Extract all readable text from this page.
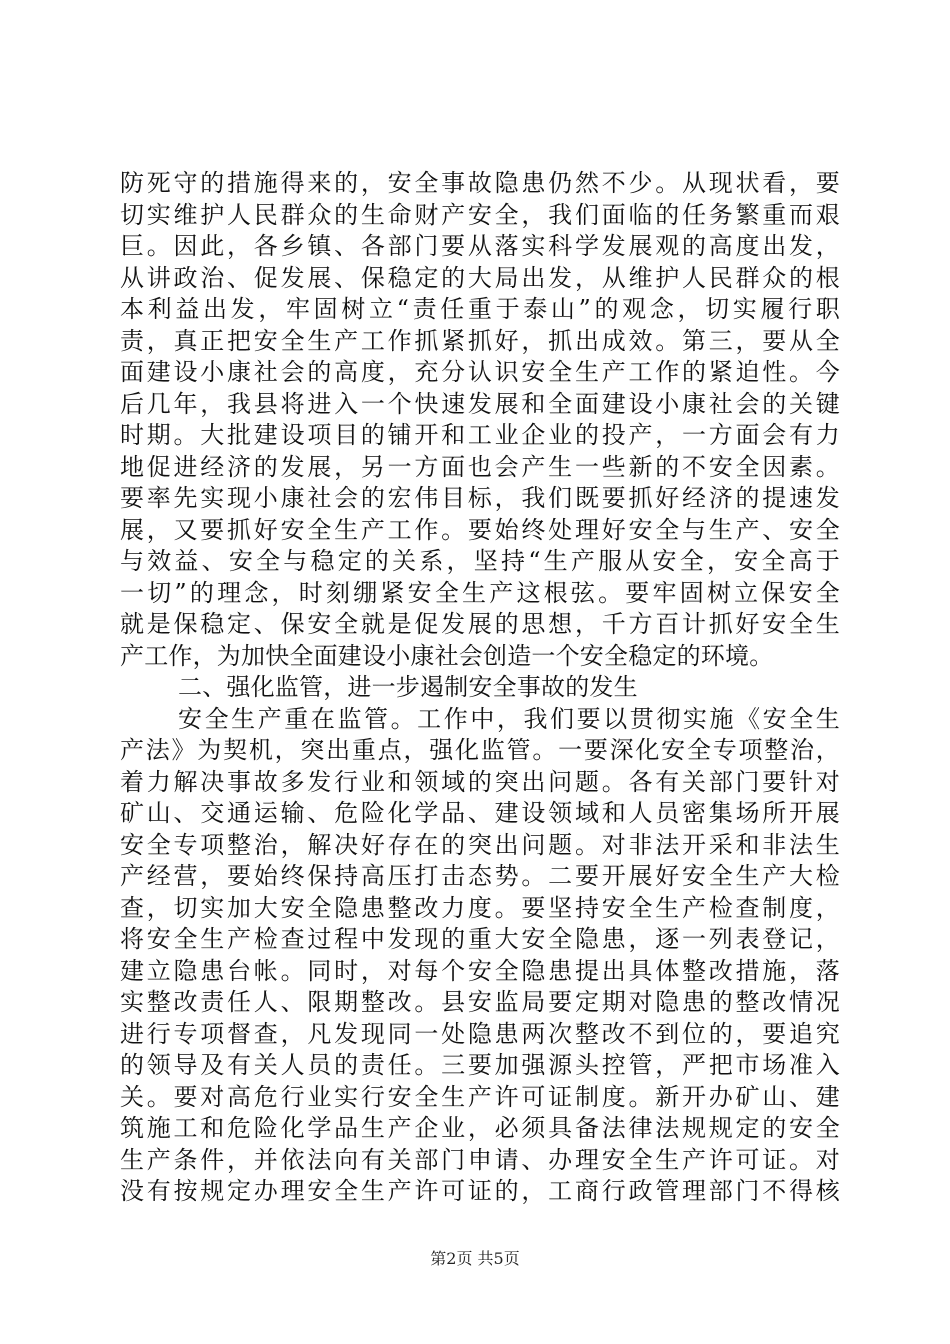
防死守的措施得来的，安全事故隐患仍然不少。从现状看，要
切实维护人民群众的生命财产安全，我们面临的任务繁重而艰
巨。因此，各乡镇、各部门要从落实科学发展观的高度出发，
从讲政治、促发展、保稳定的大局出发，从维护人民群众的根
本利益出发，牢固树立“责任重于泰山”的观念，切实履行职
责，真正把安全生产工作抓紧抓好，抓出成效。第三，要从全
面建设小康社会的高度，充分认识安全生产工作的紧迫性。今
后几年，我县将进入一个快速发展和全面建设小康社会的关键
时期。大批建设项目的铺开和工业企业的投产，一方面会有力
地促进经济的发展，另一方面也会产生一些新的不安全因素。
要率先实现小康社会的宏伟目标，我们既要抓好经济的提速发
展，又要抓好安全生产工作。要始终处理好安全与生产、安全
与效益、安全与稳定的关系，坚持“生产服从安全，安全高于
一切”的理念，时刻绷紧安全生产这根弦。要牢固树立保安全
就是保稳定、保安全就是促发展的思想，千方百计抓好安全生
产工作，为加快全面建设小康社会创造一个安全稳定的环境。
二、强化监管，进一步遏制安全事故的发生
安全生产重在监管。工作中，我们要以贯彻实施《安全生
产法》为契机，突出重点，强化监管。一要深化安全专项整治，
着力解决事故多发行业和领域的突出问题。各有关部门要针对
矿山、交通运输、危险化学品、建设领域和人员密集场所开展
安全专项整治，解决好存在的突出问题。对非法开采和非法生
产经营，要始终保持高压打击态势。二要开展好安全生产大检
查，切实加大安全隐患整改力度。要坚持安全生产检查制度，
将安全生产检查过程中发现的重大安全隐患，逐一列表登记，
建立隐患台帐。同时，对每个安全隐患提出具体整改措施，落
实整改责任人、限期整改。县安监局要定期对隐患的整改情况
进行专项督查，凡发现同一处隐患两次整改不到位的，要追究
的领导及有关人员的责任。三要加强源头控管，严把市场准入
关。要对高危行业实行安全生产许可证制度。新开办矿山、建
筑施工和危险化学品生产企业，必须具备法律法规规定的安全
生产条件，并依法向有关部门申请、办理安全生产许可证。对
没有按规定办理安全生产许可证的，工商行政管理部门不得核
第2页 共5页
